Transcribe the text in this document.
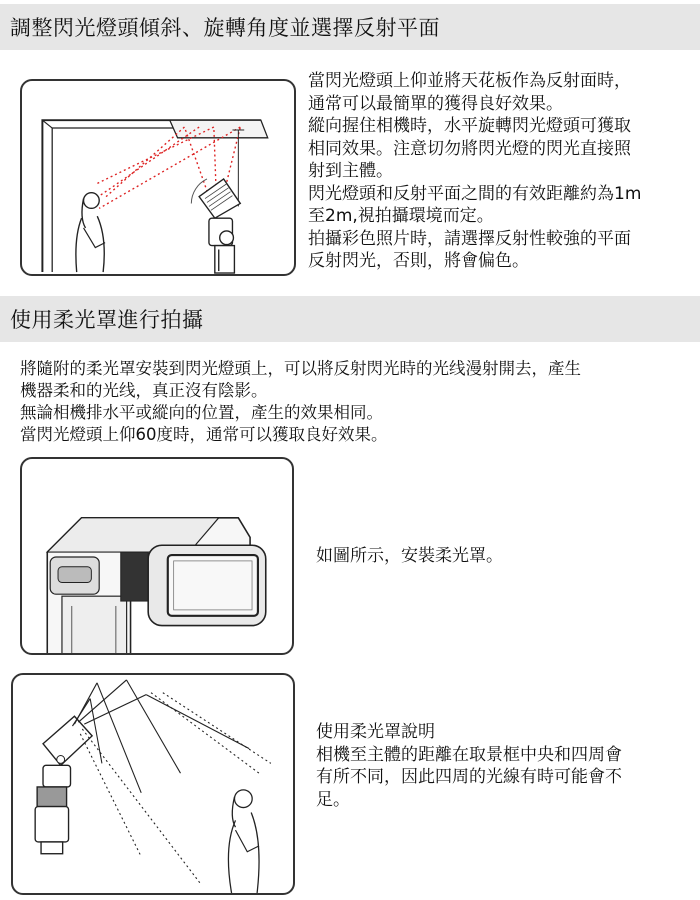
調整閃光燈頭傾斜、旋轉角度並選擇反射平面
當閃光燈頭上仰並將天花板作為反射面時，
通常可以最簡單的獲得良好效果。
縱向握住相機時，水平旋轉閃光燈頭可獲取
相同效果。注意切勿將閃光燈的閃光直接照
射到主體。
閃光燈頭和反射平面之間的有效距離約為1m
至2m,視拍攝環境而定。
拍攝彩色照片時，請選擇反射性較強的平面
反射閃光，否則，將會偏色。
使用柔光罩進行拍攝
將隨附的柔光罩安裝到閃光燈頭上，可以將反射閃光時的光线漫射開去，產生
機器柔和的光线，真正沒有陰影。
無論相機排水平或縱向的位置，產生的效果相同。
當閃光燈頭上仰60度時，通常可以獲取良好效果。
如圖所示，安裝柔光罩。
使用柔光罩說明
相機至主體的距離在取景框中央和四周會
有所不同，因此四周的光線有時可能會不
足。
